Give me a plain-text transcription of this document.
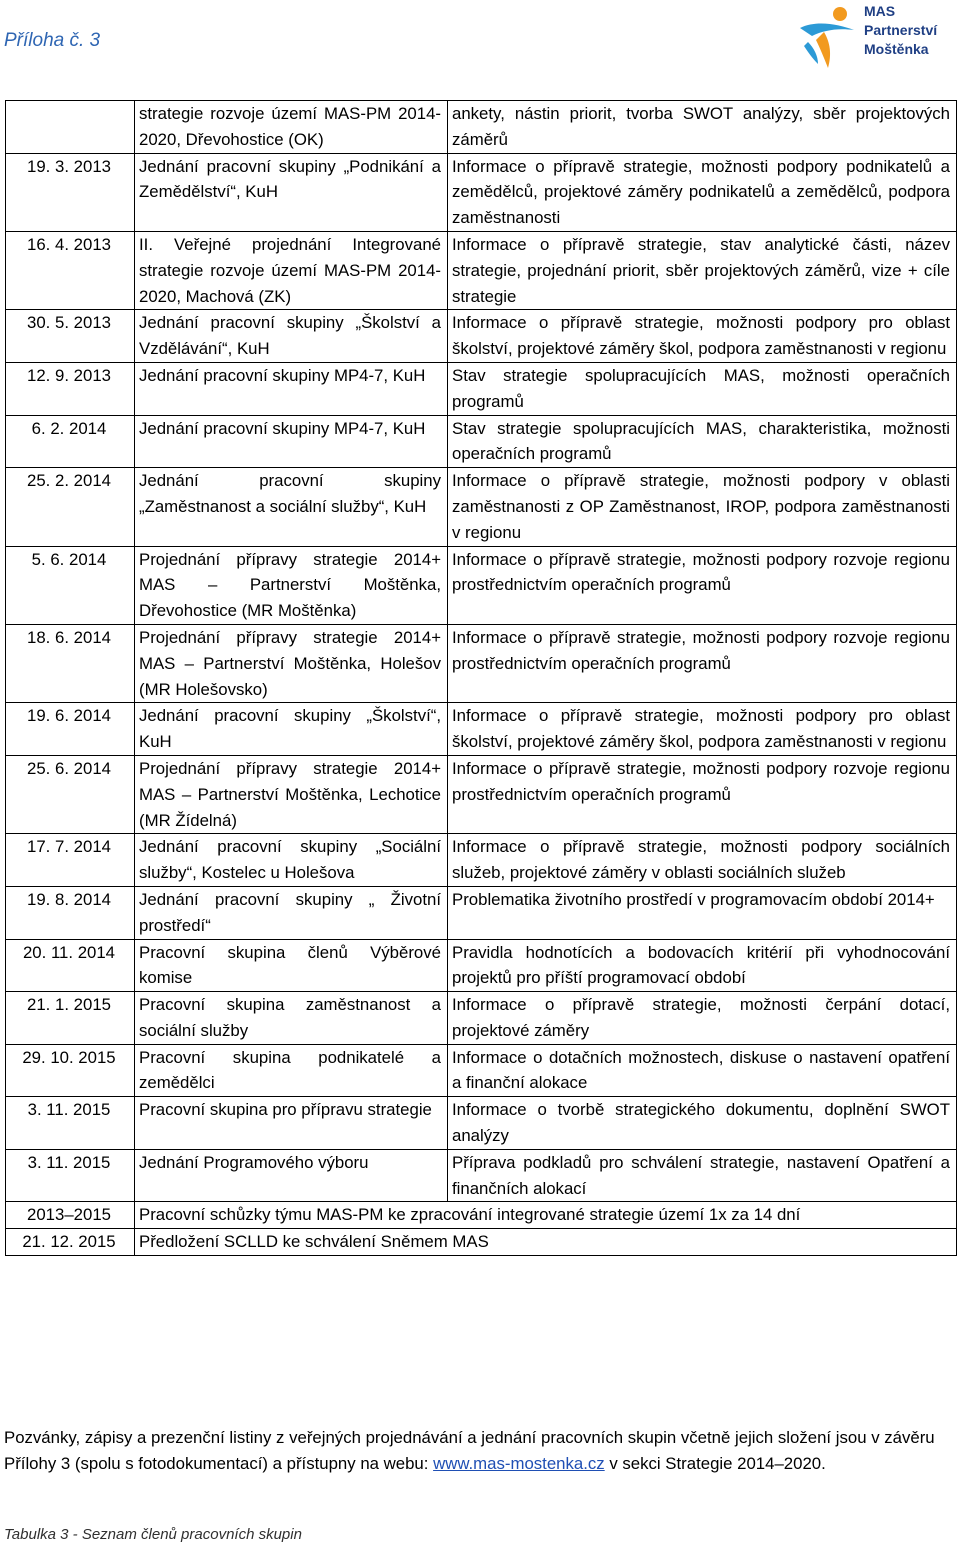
Příloha č. 3
MAS
Partnerství
Moštěnka
	strategie rozvoje území MAS-PM 2014-2020, Dřevohostice (OK)	ankety, nástin priorit, tvorba SWOT analýzy, sběr projektových záměrů
19. 3. 2013	Jednání pracovní skupiny „Podnikání a Zemědělství“, KuH	Informace o přípravě strategie, možnosti podpory podnikatelů a zemědělců, projektové záměry podnikatelů a zemědělců, podpora zaměstnanosti
16. 4. 2013	II. Veřejné projednání Integrované strategie rozvoje území MAS-PM 2014-2020, Machová (ZK)	Informace o přípravě strategie, stav analytické části, název strategie, projednání priorit, sběr projektových záměrů, vize + cíle strategie
30. 5. 2013	Jednání pracovní skupiny „Školství a Vzdělávání“, KuH	Informace o přípravě strategie, možnosti podpory pro oblast školství, projektové záměry škol, podpora zaměstnanosti v regionu
12. 9. 2013	Jednání pracovní skupiny MP4-7, KuH	Stav strategie spolupracujících MAS, možnosti operačních programů
6. 2. 2014	Jednání pracovní skupiny MP4-7, KuH	Stav strategie spolupracujících MAS, charakteristika, možnosti operačních programů
25. 2. 2014	Jednání pracovní skupiny „Zaměstnanost a sociální služby“, KuH	Informace o přípravě strategie, možnosti podpory v oblasti zaměstnanosti z OP Zaměstnanost, IROP, podpora zaměstnanosti v regionu
5. 6. 2014	Projednání přípravy strategie 2014+ MAS – Partnerství Moštěnka, Dřevohostice (MR Moštěnka)	Informace o přípravě strategie, možnosti podpory rozvoje regionu prostřednictvím operačních programů
18. 6. 2014	Projednání přípravy strategie 2014+ MAS – Partnerství Moštěnka, Holešov (MR Holešovsko)	Informace o přípravě strategie, možnosti podpory rozvoje regionu prostřednictvím operačních programů
19. 6. 2014	Jednání pracovní skupiny „Školství“, KuH	Informace o přípravě strategie, možnosti podpory pro oblast školství, projektové záměry škol, podpora zaměstnanosti v regionu
25. 6. 2014	Projednání přípravy strategie 2014+ MAS – Partnerství Moštěnka, Lechotice (MR Žídelná)	Informace o přípravě strategie, možnosti podpory rozvoje regionu prostřednictvím operačních programů
17. 7. 2014	Jednání pracovní skupiny „Sociální služby“, Kostelec u Holešova	Informace o přípravě strategie, možnosti podpory sociálních služeb, projektové záměry v oblasti sociálních služeb
19. 8. 2014	Jednání pracovní skupiny „ Životní prostředí“	Problematika životního prostředí v programovacím období 2014+
20. 11. 2014	Pracovní skupina členů Výběrové komise	Pravidla hodnotících a bodovacích kritérií při vyhodnocování projektů pro příští programovací období
21. 1. 2015	Pracovní skupina zaměstnanost a sociální služby	Informace o přípravě strategie, možnosti čerpání dotací, projektové záměry
29. 10. 2015	Pracovní skupina podnikatelé a zemědělci	Informace o dotačních možnostech, diskuse o nastavení opatření a finanční alokace
3. 11. 2015	Pracovní skupina pro přípravu strategie	Informace o tvorbě strategického dokumentu, doplnění SWOT analýzy
3. 11. 2015	Jednání Programového výboru	Příprava podkladů pro schválení strategie, nastavení Opatření a finančních alokací
2013–2015	Pracovní schůzky týmu MAS-PM ke zpracování integrované strategie území 1x za 14 dní	
21. 12. 2015	Předložení SCLLD ke schválení Sněmem MAS	
Pozvánky, zápisy a prezenční listiny z veřejných projednávání a jednání pracovních skupin včetně jejich složení jsou v závěru Přílohy 3 (spolu s fotodokumentací) a přístupny na webu: www.mas-mostenka.cz v sekci Strategie 2014–2020.
Tabulka 3 - Seznam členů pracovních skupin
